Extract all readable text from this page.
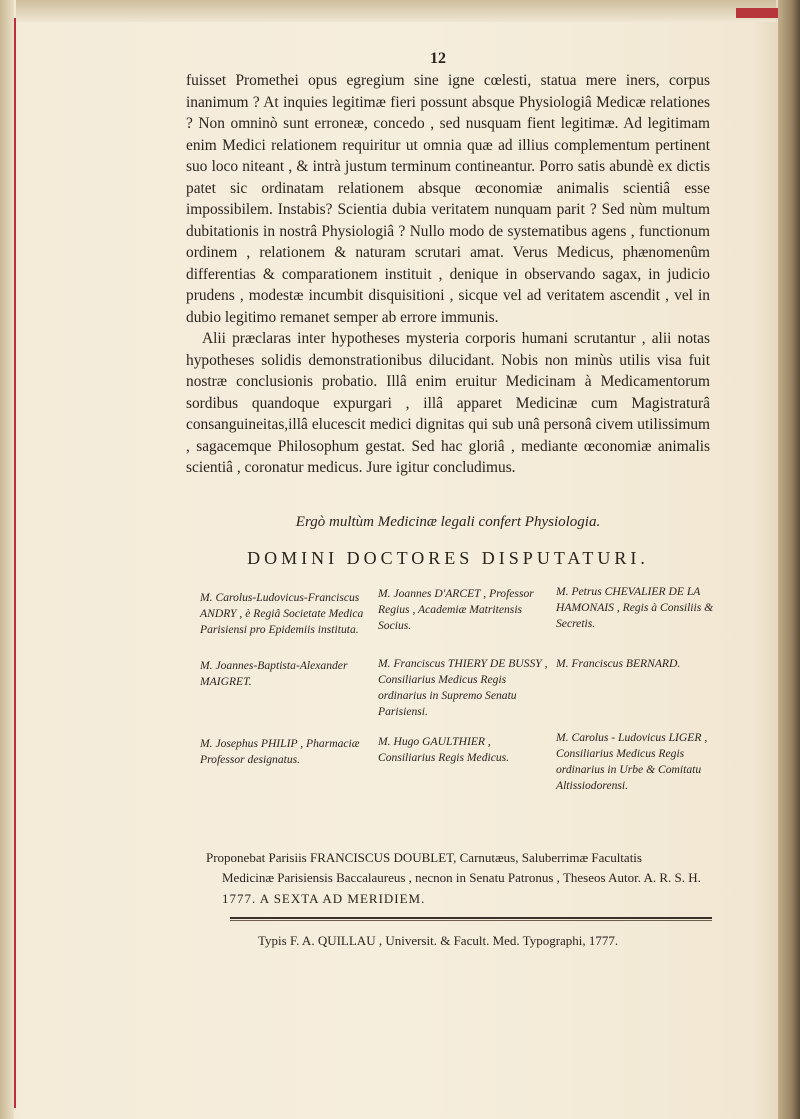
12

fuisset Promethei opus egregium sine igne cœlesti, statua mere iners, corpus inanimum ? At inquies legitimæ fieri possunt absque Physiologiâ Medicæ relationes ? Non omninò sunt erroneæ, concedo , sed nusquam fient legitimæ. Ad legitimam enim Medici relationem requiritur ut omnia quæ ad illius complementum pertinent suo loco niteant , & intrà justum terminum contineantur. Porro satis abundè ex dictis patet sic ordinatam relationem absque œconomiæ animalis scientiâ esse impossibilem. Instabis? Scientia dubia veritatem nunquam parit ? Sed nùm multum dubitationis in nostrâ Physiologiâ ? Nullo modo de systematibus agens , functionum ordinem , relationem & naturam scrutari amat. Verus Medicus, phænomenûm differentias & comparationem instituit , denique in observando sagax, in judicio prudens , modestæ incumbit disquisitioni , sicque vel ad veritatem ascendit , vel in dubio legitimo remanet semper ab errore immunis.

Alii præclaras inter hypotheses mysteria corporis humani scrutantur , alii notas hypotheses solidis demonstrationibus dilucidant. Nobis non minùs utilis visa fuit nostræ conclusionis probatio. Illâ enim eruitur Medicinam à Medicamentorum sordibus quandoque expurgari , illâ apparet Medicinæ cum Magistraturâ consanguineitas,illâ elucescit medici dignitas qui sub unâ personâ civem utilissimum , sagacemque Philosophum gestat. Sed hac gloriâ , mediante œconomiæ animalis scientiâ , coronatur medicus. Jure igitur concludimus.

Ergò multùm Medicinæ legali confert Physiologia.
DOMINI DOCTORES DISPUTATURI.
M. Carolus-Ludovicus-Franciscus ANDRY , è Regiâ Societate Medica Parisiensi pro Epidemiis instituta.
M. Joannes D'ARCET , Professor Regius , Academiæ Matritensis Socius.
M. Petrus CHEVALIER DE LA HAMONAIS , Regis à Consiliis & Secretis.
M. Joannes-Baptista-Alexander MAIGRET.
M. Franciscus THIERY DE BUSSY , Consiliarius Medicus Regis ordinarius in Supremo Senatu Parisiensi.
M. Franciscus BERNARD.
M. Josephus PHILIP , Pharmaciæ Professor designatus.
M. Hugo GAULTHIER , Consiliarius Regis Medicus.
M. Carolus - Ludovicus LIGER , Consiliarius Medicus Regis ordinarius in Urbe & Comitatu Altissiodorensi.
Proponebat Parisiis FRANCISCUS DOUBLET, Carnutæus, Saluberrimæ Facultatis
Medicinæ Parisiensis Baccalaureus , necnon in Senatu Patronus , Theseos Autor. A. R. S. H.
1777. A SEXTA AD MERIDIEM.
Typis F. A. QUILLAU , Universit. & Facult. Med. Typographi, 1777.
